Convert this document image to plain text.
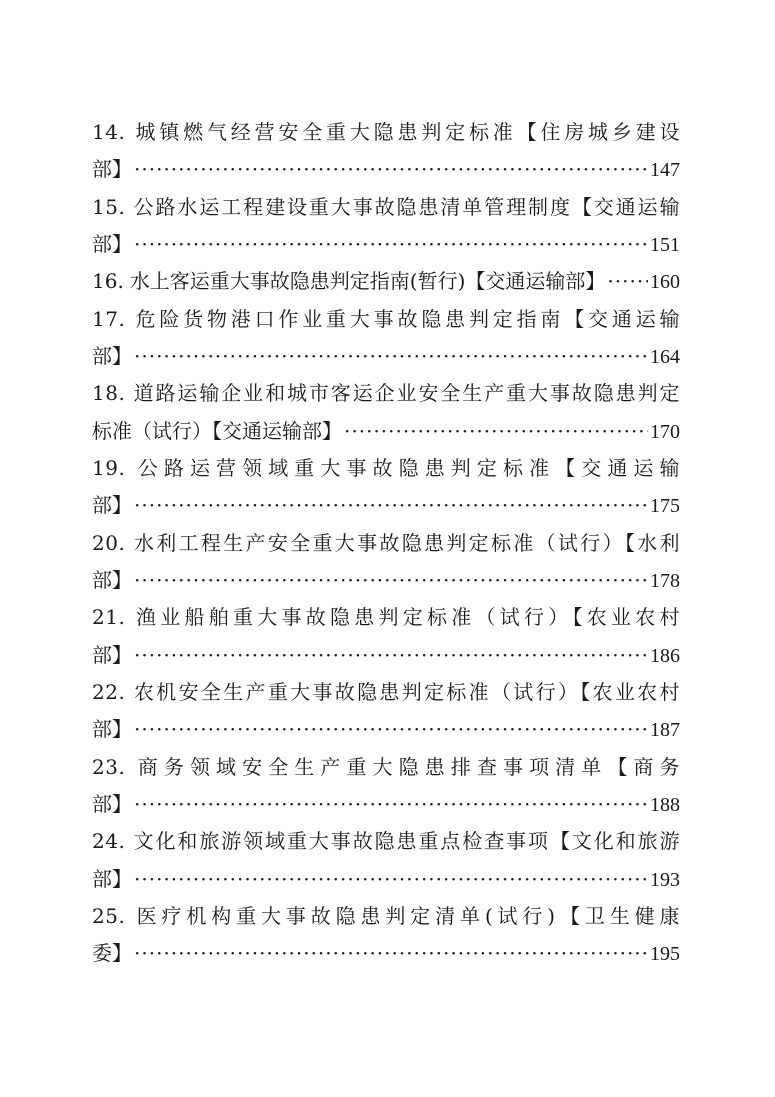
14. 城镇燃气经营安全重大隐患判定标准【住房城乡建设
部】 ·····	147
15. 公路水运工程建设重大事故隐患清单管理制度【交通运输
部】 ·····	151
16. 水上客运重大事故隐患判定指南(暂行)【交通运输部】 ····· 160
17. 危险货物港口作业重大事故隐患判定指南【交通运输
部】 ·····	164
18. 道路运输企业和城市客运企业安全生产重大事故隐患判定
标准（试行）【交通运输部】 ·····	170
19. 公路运营领域重大事故隐患判定标准【交通运输
部】 ·····	175
20. 水利工程生产安全重大事故隐患判定标准（试行）【水利
部】 ·····	178
21. 渔业船舶重大事故隐患判定标准（试行）【农业农村
部】 ·····	186
22. 农机安全生产重大事故隐患判定标准（试行）【农业农村
部】 ·····	187
23. 商务领域安全生产重大隐患排查事项清单【商务
部】 ·····	188
24. 文化和旅游领域重大事故隐患重点检查事项【文化和旅游
部】 ·····	193
25. 医疗机构重大事故隐患判定清单(试行)【卫生健康
委】 ·····	195
